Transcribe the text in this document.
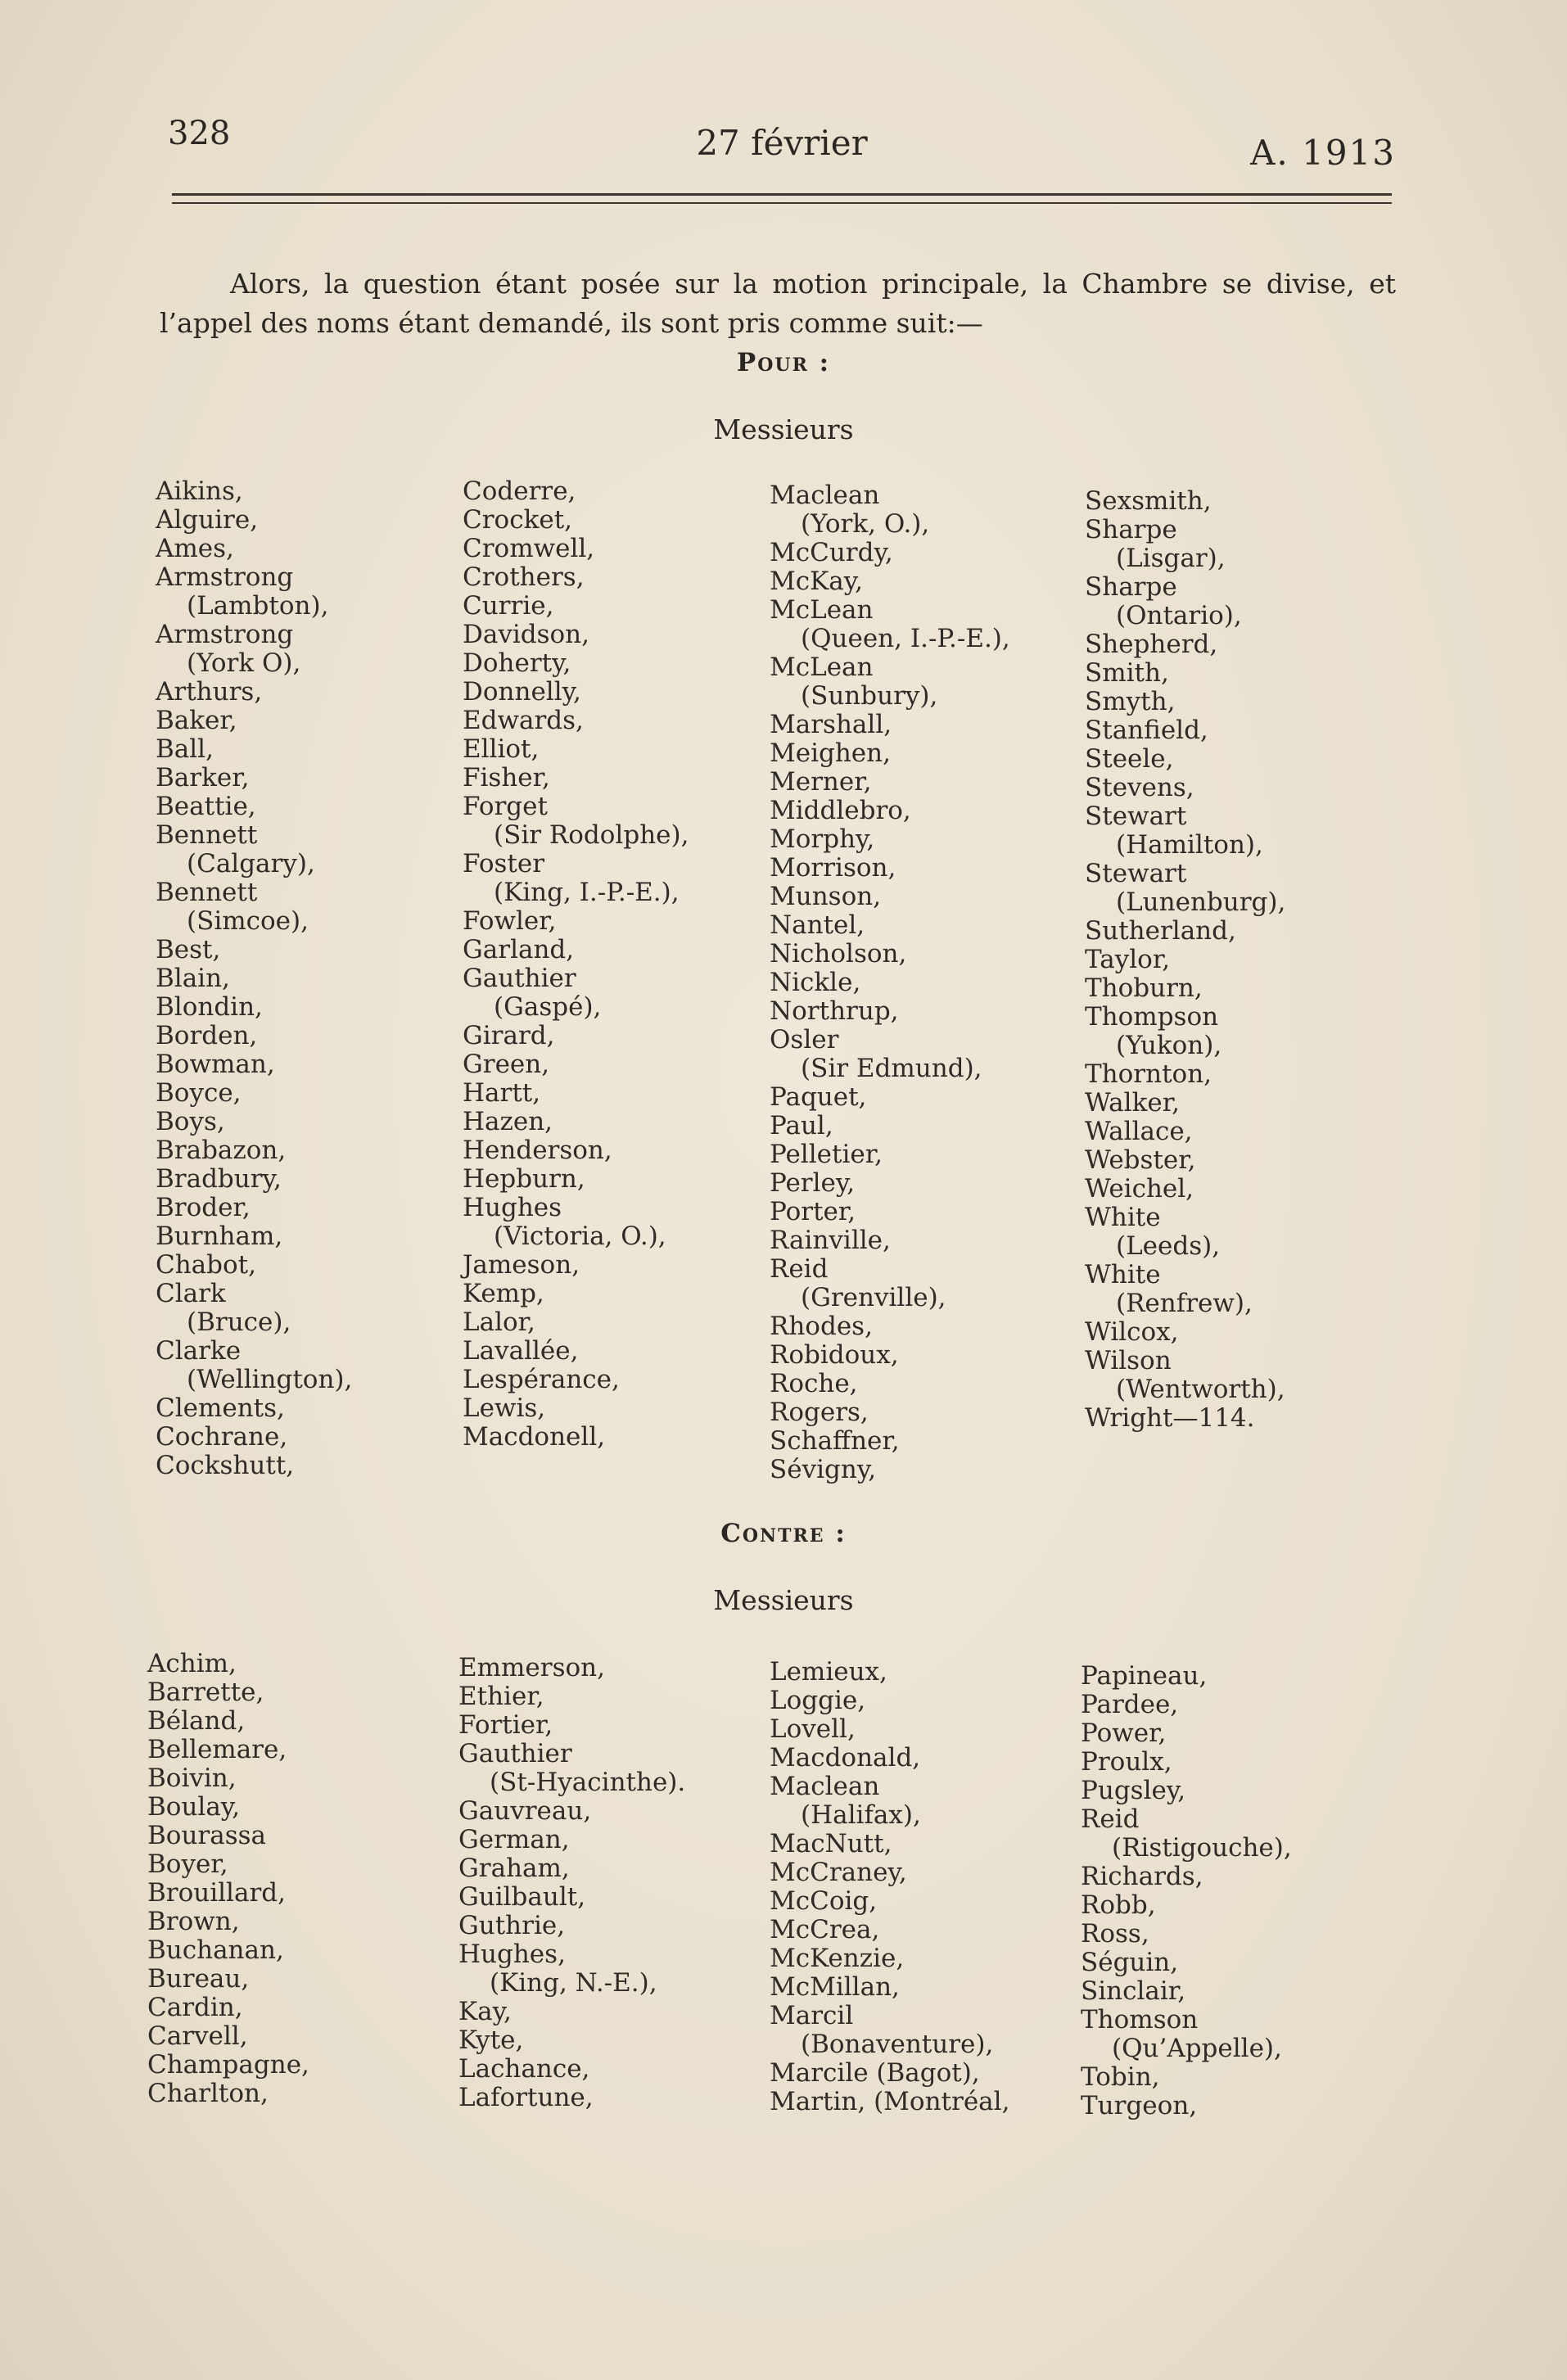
328	27 février	A. 1913

Alors, la question étant posée sur la motion principale, la Chambre se divise, et l’appel des noms étant demandé, ils sont pris comme suit:—

Pour :
Messieurs
Aikins,
Alguire,
Ames,
Armstrong
(Lambton),
Armstrong
(York O),
Arthurs,
Baker,
Ball,
Barker,
Beattie,
Bennett
(Calgary),
Bennett
(Simcoe),
Best,
Blain,
Blondin,
Borden,
Bowman,
Boyce,
Boys,
Brabazon,
Bradbury,
Broder,
Burnham,
Chabot,
Clark
(Bruce),
Clarke
(Wellington),
Clements,
Cochrane,
Cockshutt,
Coderre,
Crocket,
Cromwell,
Crothers,
Currie,
Davidson,
Doherty,
Donnelly,
Edwards,
Elliot,
Fisher,
Forget
(Sir Rodolphe),
Foster
(King, I.-P.-E.),
Fowler,
Garland,
Gauthier
(Gaspé),
Girard,
Green,
Hartt,
Hazen,
Henderson,
Hepburn,
Hughes
(Victoria, O.),
Jameson,
Kemp,
Lalor,
Lavallée,
Lespérance,
Lewis,
Macdonell,
Maclean
(York, O.),
McCurdy,
McKay,
McLean
(Queen, I.-P.-E.),
McLean
(Sunbury),
Marshall,
Meighen,
Merner,
Middlebro,
Morphy,
Morrison,
Munson,
Nantel,
Nicholson,
Nickle,
Northrup,
Osler
(Sir Edmund),
Paquet,
Paul,
Pelletier,
Perley,
Porter,
Rainville,
Reid
(Grenville),
Rhodes,
Robidoux,
Roche,
Rogers,
Schaffner,
Sévigny,
Sexsmith,
Sharpe
(Lisgar),
Sharpe
(Ontario),
Shepherd,
Smith,
Smyth,
Stanfield,
Steele,
Stevens,
Stewart
(Hamilton),
Stewart
(Lunenburg),
Sutherland,
Taylor,
Thoburn,
Thompson
(Yukon),
Thornton,
Walker,
Wallace,
Webster,
Weichel,
White
(Leeds),
White
(Renfrew),
Wilcox,
Wilson
(Wentworth),
Wright—114.
Contre :
Messieurs
Achim,
Barrette,
Béland,
Bellemare,
Boivin,
Boulay,
Bourassa
Boyer,
Brouillard,
Brown,
Buchanan,
Bureau,
Cardin,
Carvell,
Champagne,
Charlton,
Emmerson,
Ethier,
Fortier,
Gauthier
(St-Hyacinthe).
Gauvreau,
German,
Graham,
Guilbault,
Guthrie,
Hughes,
(King, N.-E.),
Kay,
Kyte,
Lachance,
Lafortune,
Lemieux,
Loggie,
Lovell,
Macdonald,
Maclean
(Halifax),
MacNutt,
McCraney,
McCoig,
McCrea,
McKenzie,
McMillan,
Marcil
(Bonaventure),
Marcile (Bagot),
Martin, (Montréal,
Papineau,
Pardee,
Power,
Proulx,
Pugsley,
Reid
(Ristigouche),
Richards,
Robb,
Ross,
Séguin,
Sinclair,
Thomson
(Qu’Appelle),
Tobin,
Turgeon,
